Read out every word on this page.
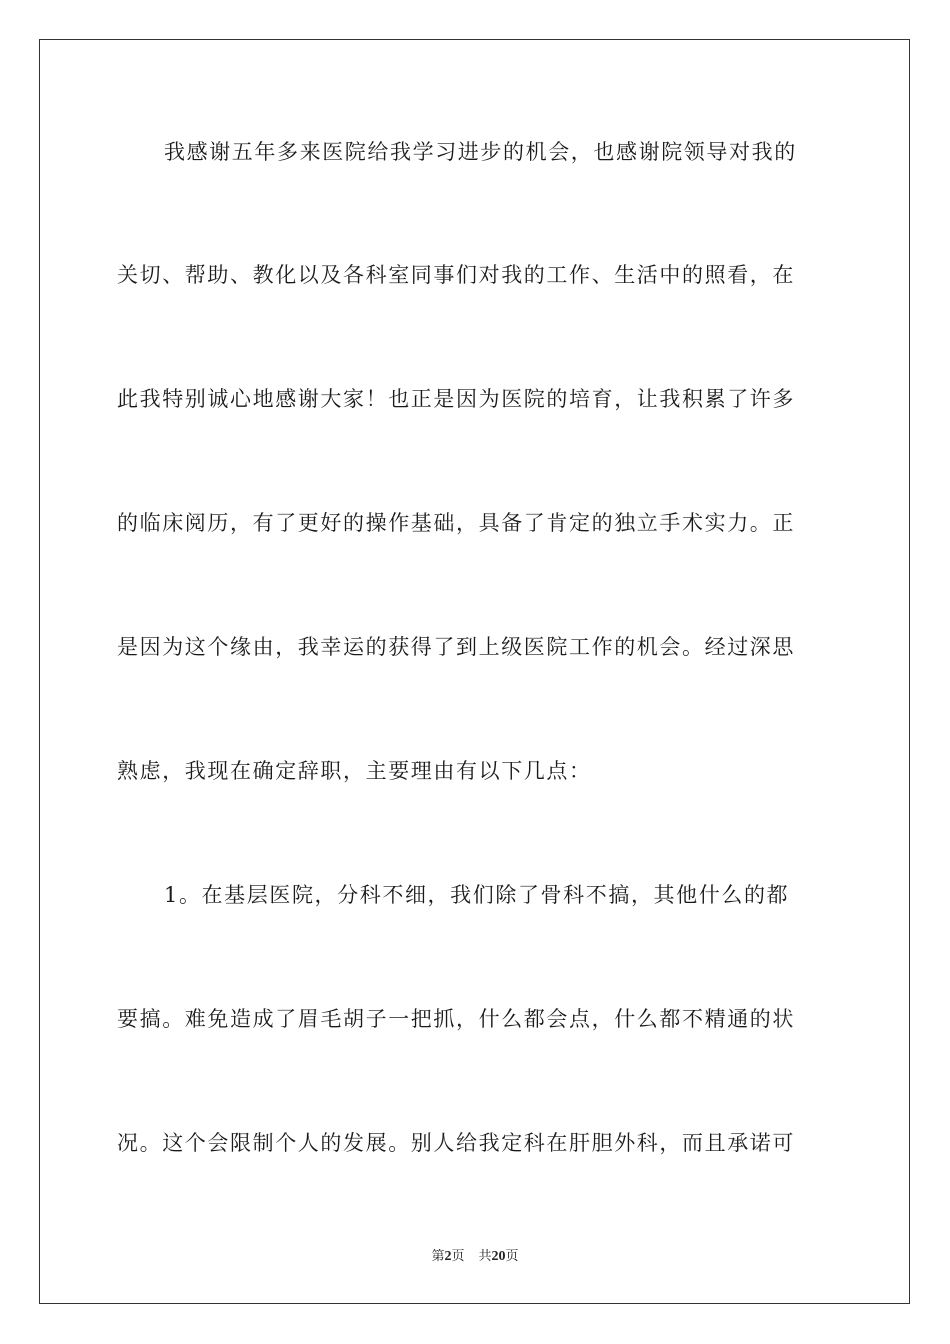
我感谢五年多来医院给我学习进步的机会，也感谢院领导对我的
关切、帮助、教化以及各科室同事们对我的工作、生活中的照看，在
此我特别诚心地感谢大家！也正是因为医院的培育，让我积累了许多
的临床阅历，有了更好的操作基础，具备了肯定的独立手术实力。正
是因为这个缘由，我幸运的获得了到上级医院工作的机会。经过深思
熟虑，我现在确定辞职，主要理由有以下几点：
1。在基层医院，分科不细，我们除了骨科不搞，其他什么的都
要搞。难免造成了眉毛胡子一把抓，什么都会点，什么都不精通的状
况。这个会限制个人的发展。别人给我定科在肝胆外科，而且承诺可
第2页 共20页
